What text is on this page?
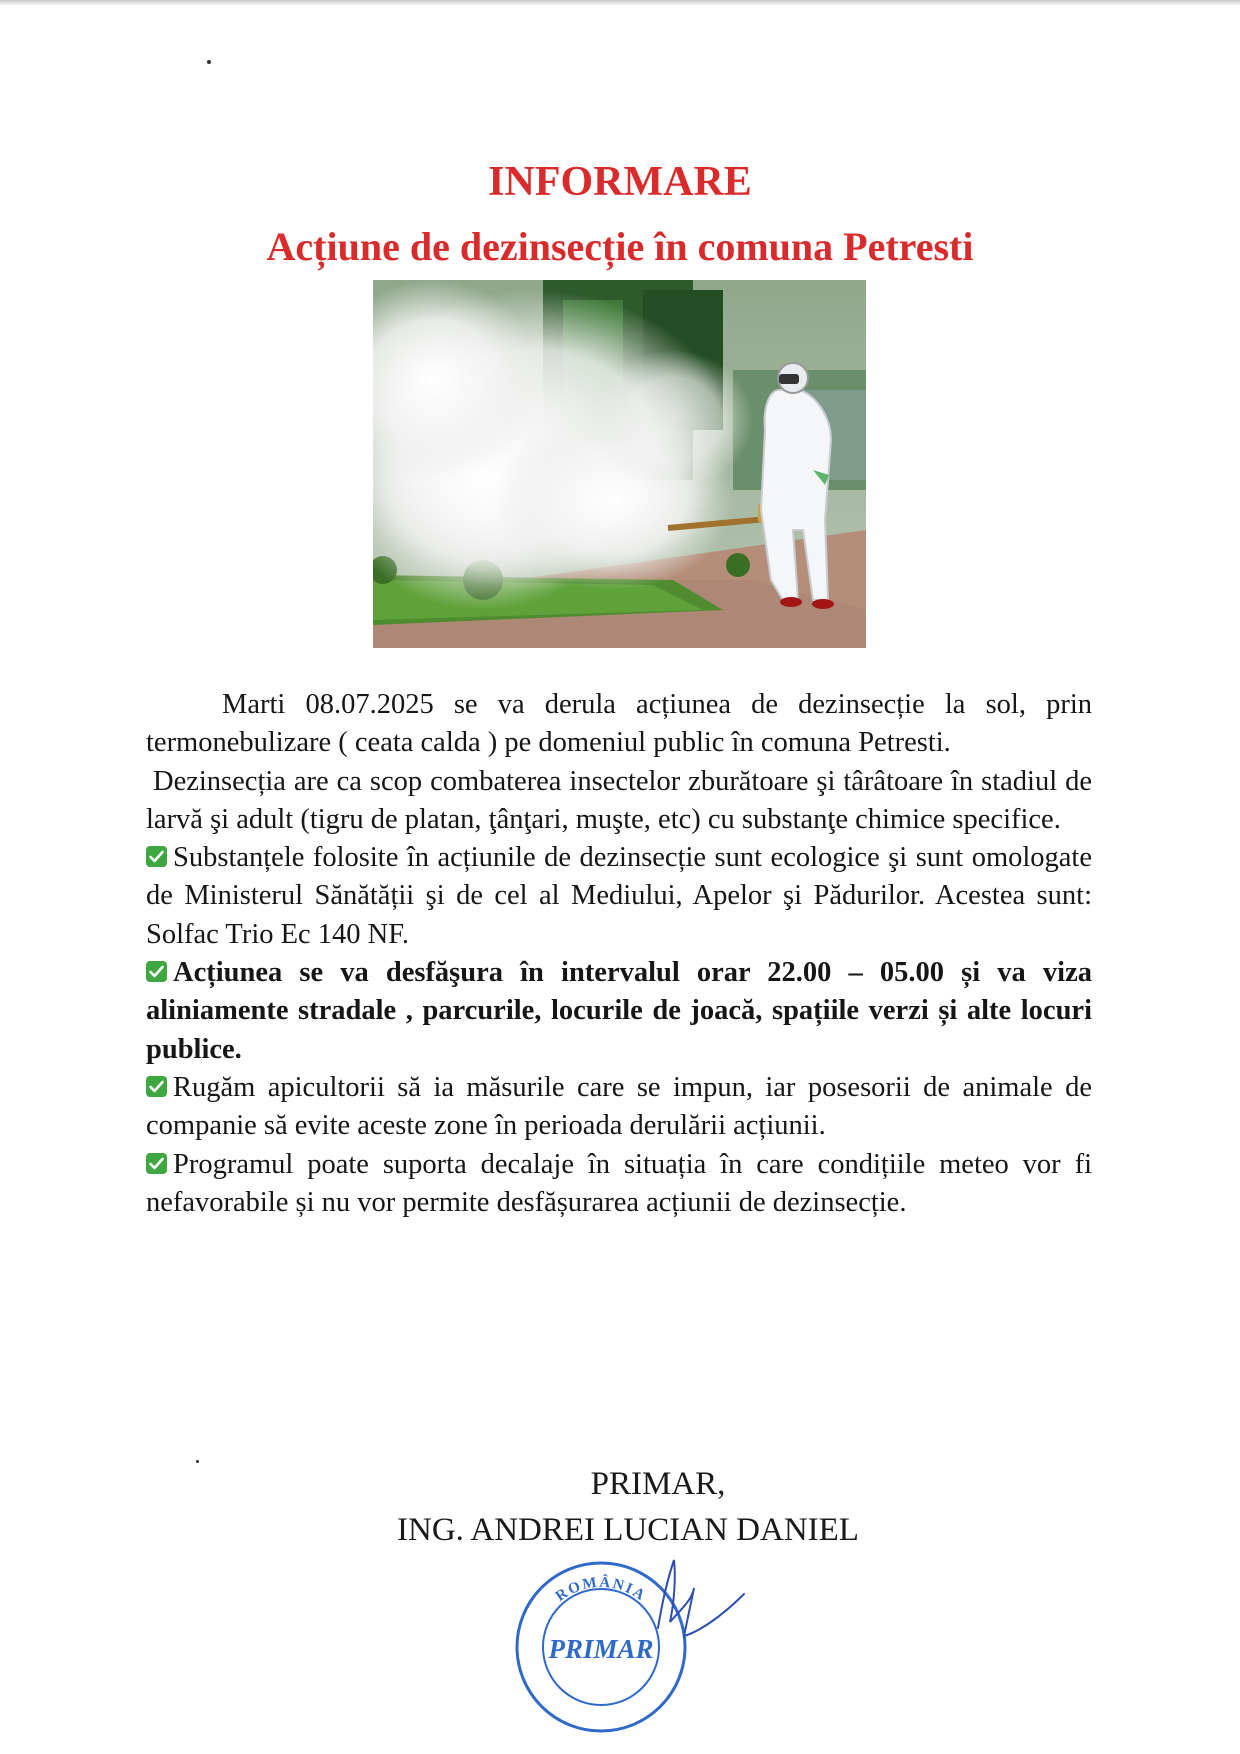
INFORMARE
Acțiune de dezinsecție în comuna Petresti

Marti 08.07.2025 se va derula acțiunea de dezinsecție la sol, prin termonebulizare ( ceata calda ) pe domeniul public în comuna Petresti.

Dezinsecția are ca scop combaterea insectelor zburătoare şi târâtoare în stadiul de larvă şi adult (tigru de platan, ţânţari, muşte, etc) cu substanţe chimice specifice.

Substanțele folosite în acțiunile de dezinsecție sunt ecologice şi sunt omologate de Ministerul Sănătății şi de cel al Mediului, Apelor şi Pădurilor. Acestea sunt: Solfac Trio Ec 140 NF.

Acțiunea se va desfăşura în intervalul orar 22.00 – 05.00 și va viza aliniamente stradale , parcurile, locurile de joacă, spațiile verzi și alte locuri publice.

Rugăm apicultorii să ia măsurile care se impun, iar posesorii de animale de companie să evite aceste zone în perioada derulării acțiunii.

Programul poate suporta decalaje în situația în care condițiile meteo vor fi nefavorabile și nu vor permite desfășurarea acțiunii de dezinsecție.

PRIMAR,
ING. ANDREI LUCIAN DANIEL
ROMÂNIA
PRIMAR
